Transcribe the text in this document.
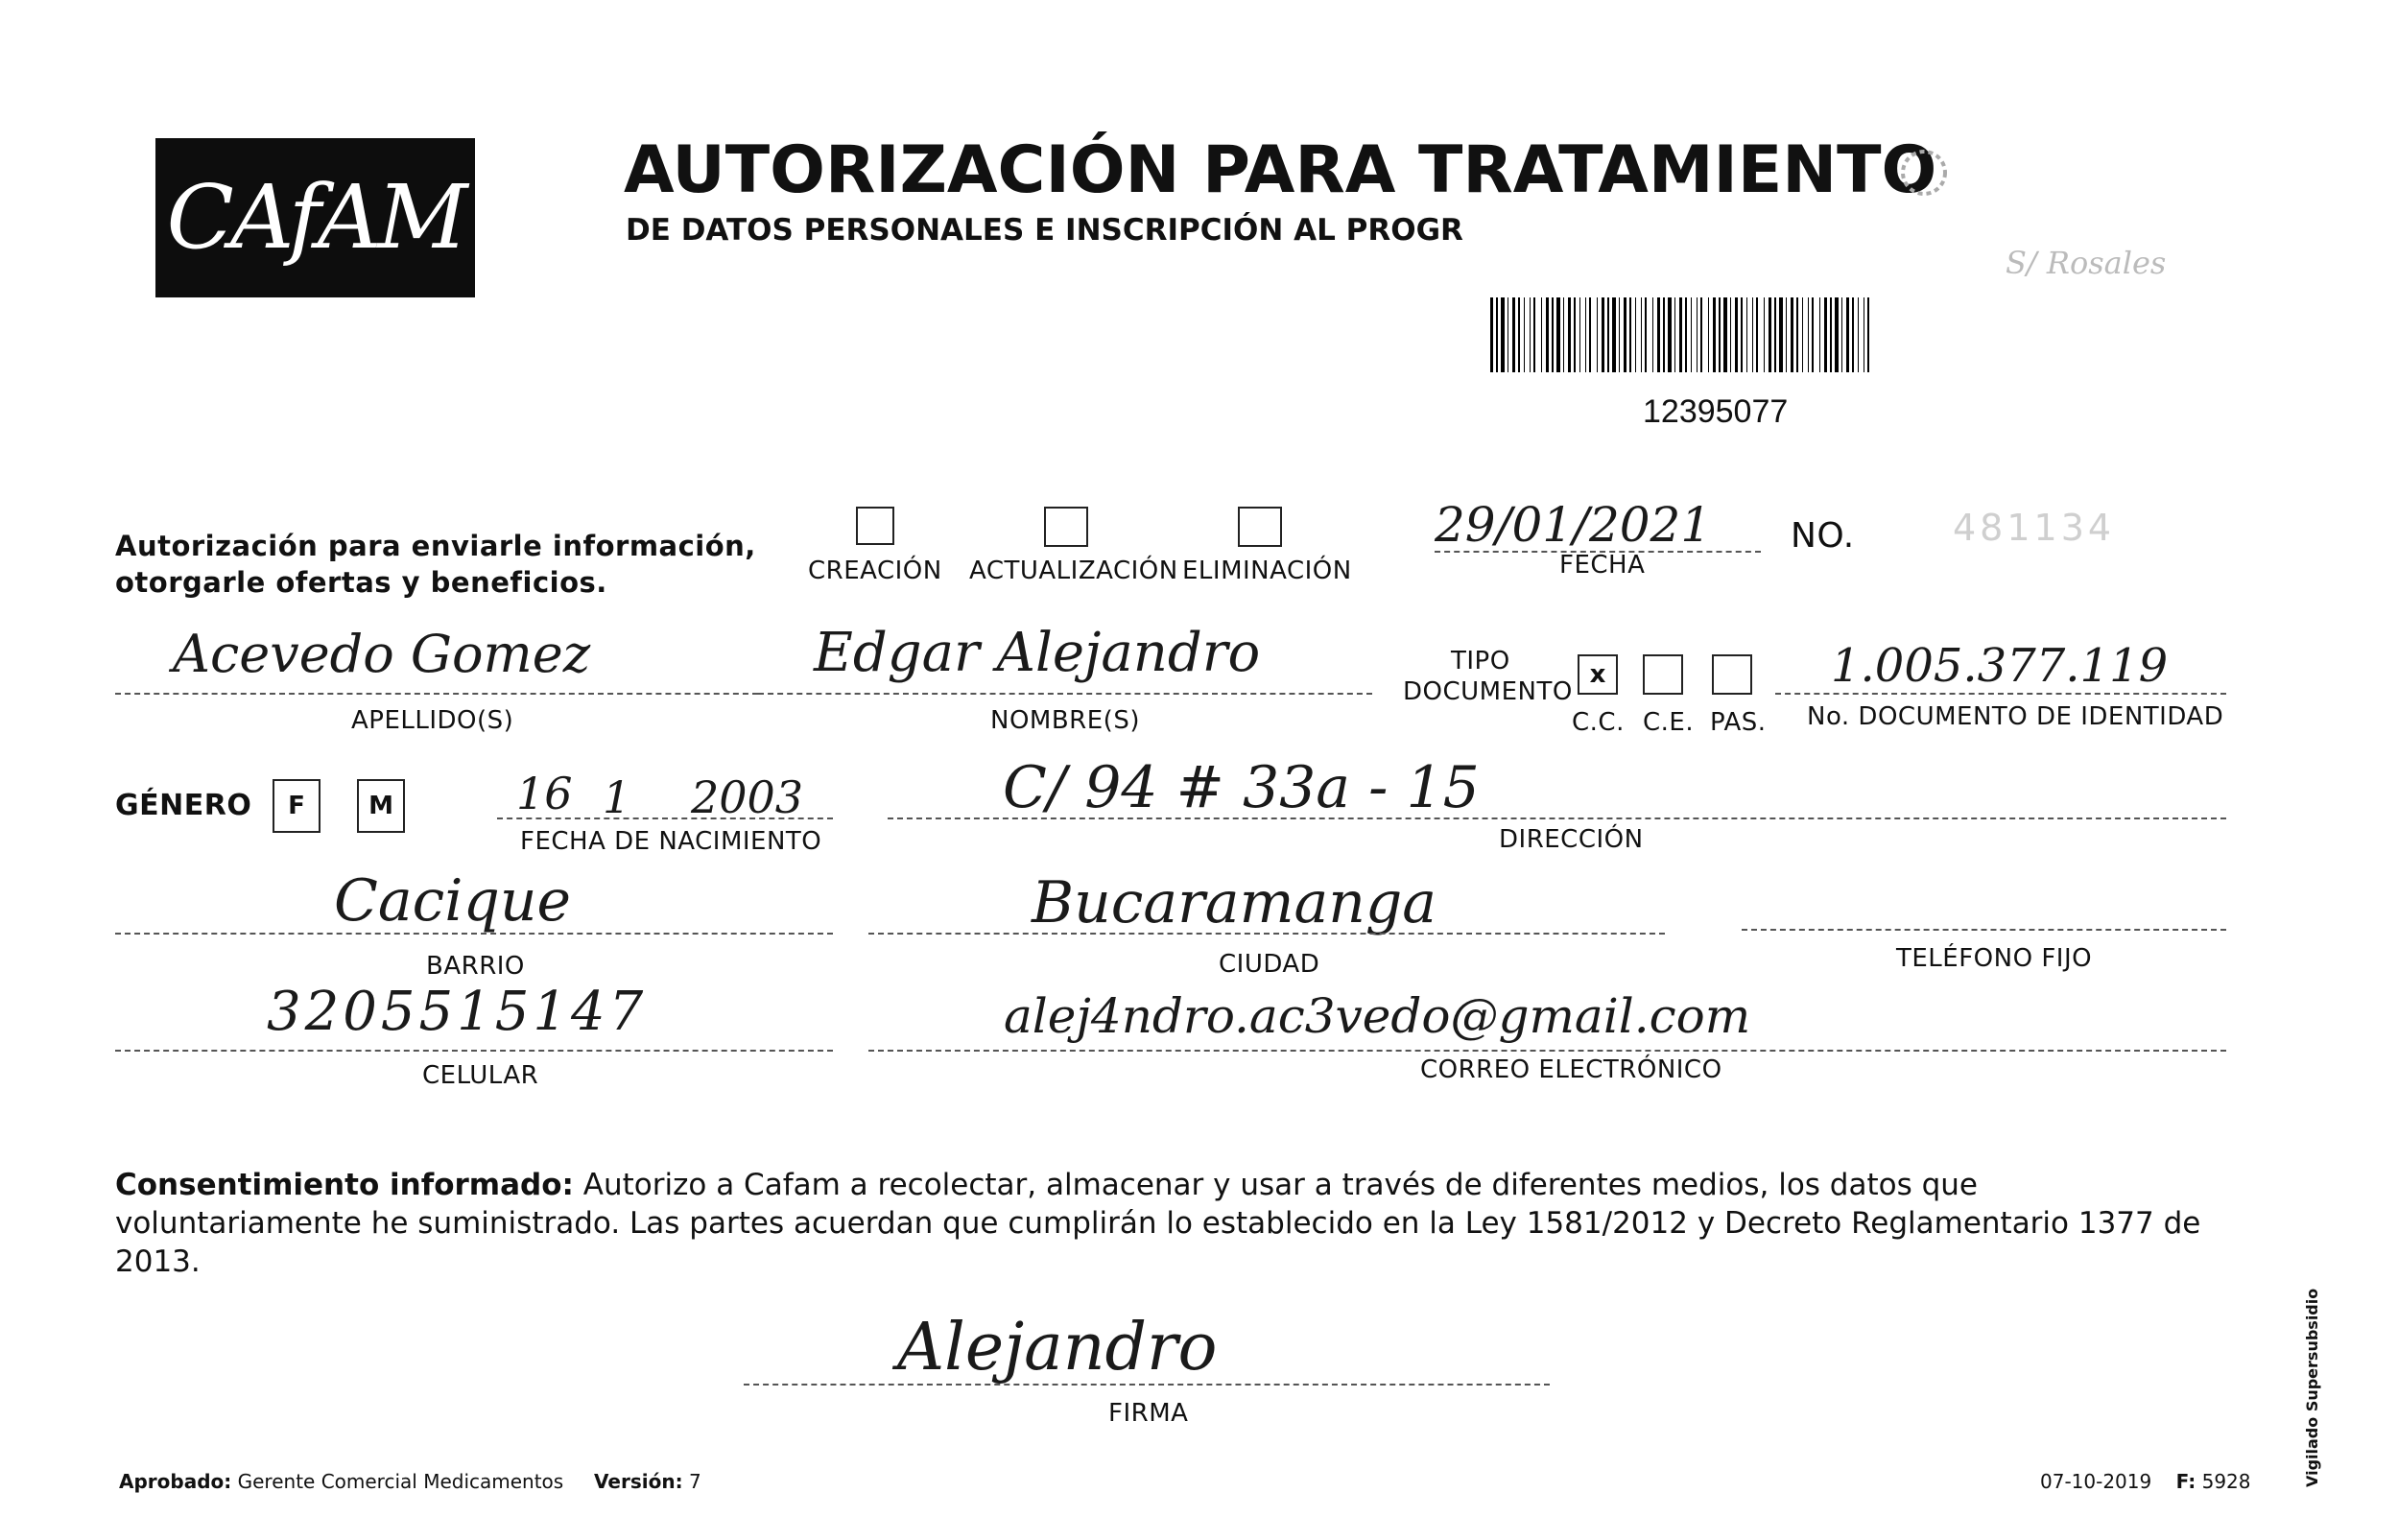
CAfAM AUTORIZACIÓN PARA TRATAMIENTO
DE DATOS PERSONALES E INSCRIPCIÓN AL PROGR
12395077
S/ Rosales
Autorización para enviarle información,
otorgarle ofertas y beneficios.	CREACIÓN ACTUALIZACIÓN ELIMINACIÓN
29/01/2021
FECHA
NO.	481134
Acevedo Gomez
APELLIDO(S)
Edgar Alejandro
NOMBRE(S)
TIPO
DOCUMENTO
x
C.C. C.E. PAS.
1.005.377.119
No. DOCUMENTO DE IDENTIDAD
GÉNERO F	M	16 1 2003
FECHA DE NACIMIENTO
C/ 94 # 33a - 15
DIRECCIÓN
Cacique
BARRIO
Bucaramanga
CIUDAD	TELÉFONO FIJO
3205515147
CELULAR
alej4ndro.ac3vedo@gmail.com
CORREO ELECTRÓNICO
Consentimiento informado: Autorizo a Cafam a recolectar, almacenar y usar a través de diferentes medios, los datos que voluntariamente he suministrado. Las partes acuerdan que cumplirán lo establecido en la Ley 1581/2012 y Decreto Reglamentario 1377 de 2013.
Alejandro
FIRMA
Aprobado: Gerente Comercial Medicamentos Versión: 7	07-10-2019 F: 5928	Vigilado Supersubsidio
